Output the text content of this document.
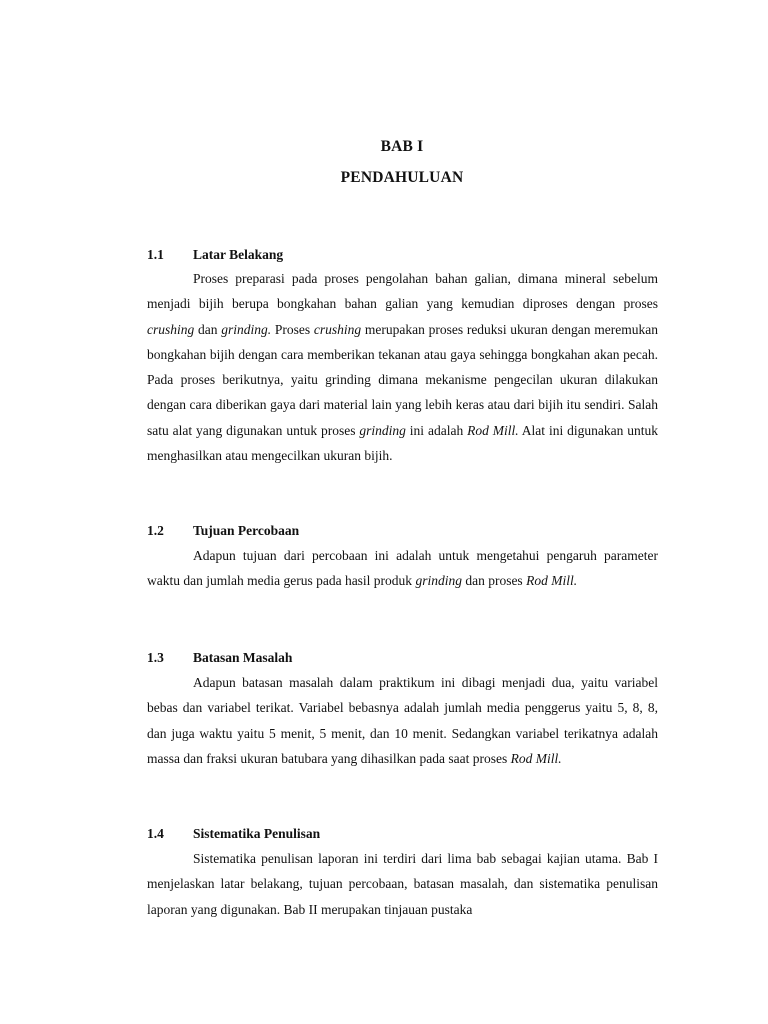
BAB I
PENDAHULUAN
1.1 Latar Belakang
Proses preparasi pada proses pengolahan bahan galian, dimana mineral sebelum menjadi bijih berupa bongkahan bahan galian yang kemudian diproses dengan proses crushing dan grinding. Proses crushing merupakan proses reduksi ukuran dengan meremukan bongkahan bijih dengan cara memberikan tekanan atau gaya sehingga bongkahan akan pecah. Pada proses berikutnya, yaitu grinding dimana mekanisme pengecilan ukuran dilakukan dengan cara diberikan gaya dari material lain yang lebih keras atau dari bijih itu sendiri. Salah satu alat yang digunakan untuk proses grinding ini adalah Rod Mill. Alat ini digunakan untuk menghasilkan atau mengecilkan ukuran bijih.
1.2 Tujuan Percobaan
Adapun tujuan dari percobaan ini adalah untuk mengetahui pengaruh parameter waktu dan jumlah media gerus pada hasil produk grinding dan proses Rod Mill.
1.3 Batasan Masalah
Adapun batasan masalah dalam praktikum ini dibagi menjadi dua, yaitu variabel bebas dan variabel terikat. Variabel bebasnya adalah jumlah media penggerus yaitu 5, 8, 8, dan juga waktu yaitu 5 menit, 5 menit, dan 10 menit. Sedangkan variabel terikatnya adalah massa dan fraksi ukuran batubara yang dihasilkan pada saat proses Rod Mill.
1.4 Sistematika Penulisan
Sistematika penulisan laporan ini terdiri dari lima bab sebagai kajian utama. Bab I menjelaskan latar belakang, tujuan percobaan, batasan masalah, dan sistematika penulisan laporan yang digunakan. Bab II merupakan tinjauan pustaka
